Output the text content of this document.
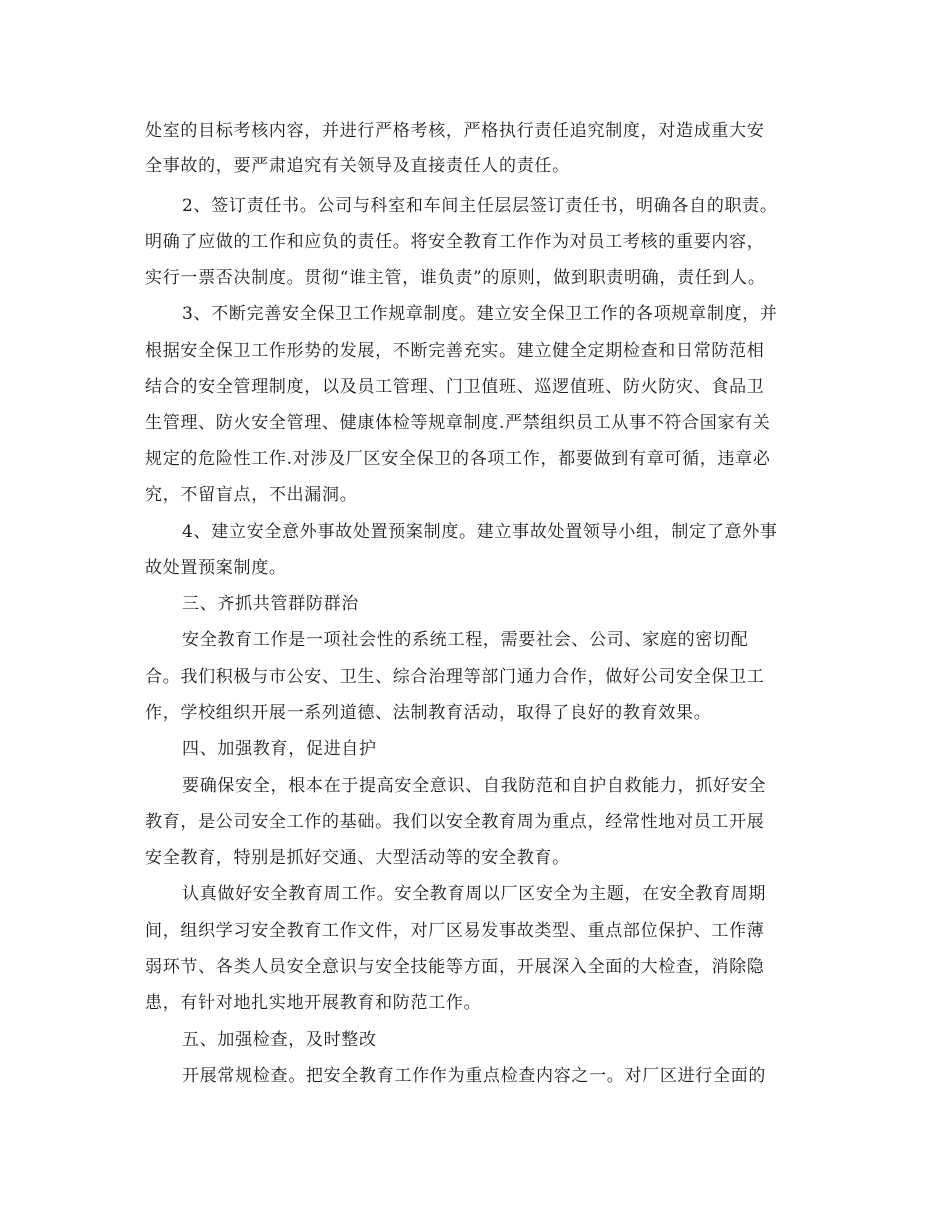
处室的目标考核内容，并进行严格考核，严格执行责任追究制度，对造成重大安
全事故的，要严肃追究有关领导及直接责任人的责任。
2、签订责任书。公司与科室和车间主任层层签订责任书，明确各自的职责。
明确了应做的工作和应负的责任。将安全教育工作作为对员工考核的重要内容，
实行一票否决制度。贯彻“谁主管，谁负责”的原则，做到职责明确，责任到人。
3、不断完善安全保卫工作规章制度。建立安全保卫工作的各项规章制度，并
根据安全保卫工作形势的发展，不断完善充实。建立健全定期检查和日常防范相
结合的安全管理制度，以及员工管理、门卫值班、巡逻值班、防火防灾、食品卫
生管理、防火安全管理、健康体检等规章制度.严禁组织员工从事不符合国家有关
规定的危险性工作.对涉及厂区安全保卫的各项工作，都要做到有章可循，违章必
究，不留盲点，不出漏洞。
4、建立安全意外事故处置预案制度。建立事故处置领导小组，制定了意外事
故处置预案制度。
三、齐抓共管群防群治
安全教育工作是一项社会性的系统工程，需要社会、公司、家庭的密切配
合。我们积极与市公安、卫生、综合治理等部门通力合作，做好公司安全保卫工
作，学校组织开展一系列道德、法制教育活动，取得了良好的教育效果。
四、加强教育，促进自护
要确保安全，根本在于提高安全意识、自我防范和自护自救能力，抓好安全
教育，是公司安全工作的基础。我们以安全教育周为重点，经常性地对员工开展
安全教育，特别是抓好交通、大型活动等的安全教育。
认真做好安全教育周工作。安全教育周以厂区安全为主题，在安全教育周期
间，组织学习安全教育工作文件，对厂区易发事故类型、重点部位保护、工作薄
弱环节、各类人员安全意识与安全技能等方面，开展深入全面的大检查，消除隐
患，有针对地扎实地开展教育和防范工作。
五、加强检查，及时整改
开展常规检查。把安全教育工作作为重点检查内容之一。对厂区进行全面的
